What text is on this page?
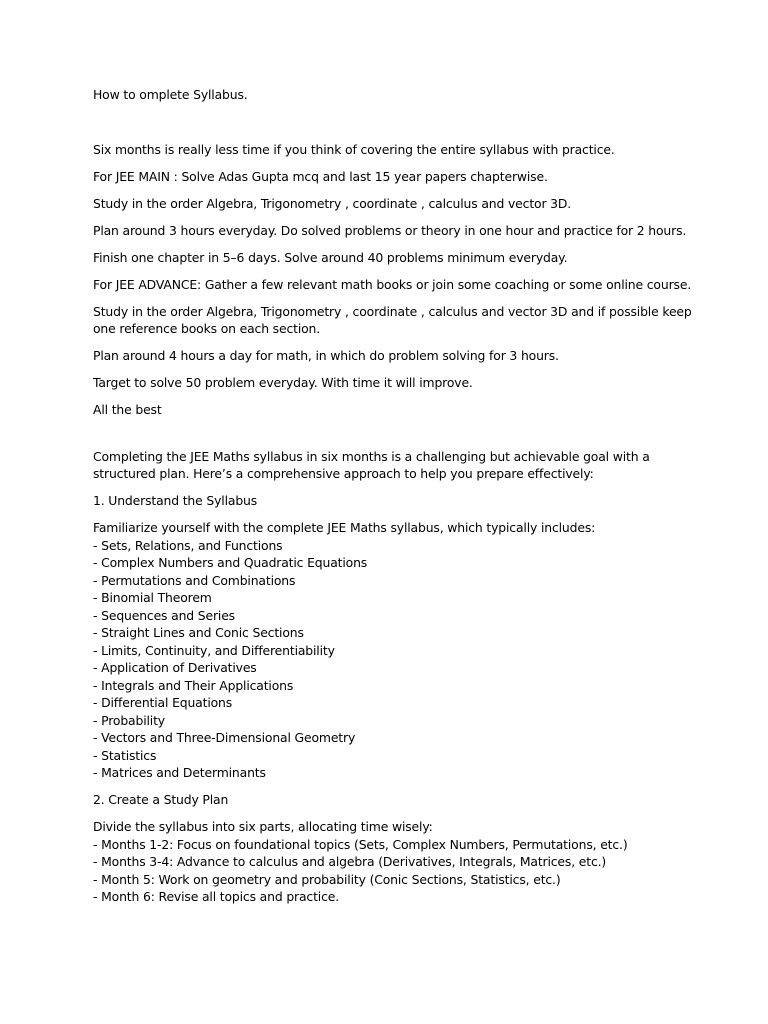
How to omplete Syllabus.

Six months is really less time if you think of covering the entire syllabus with practice.

For JEE MAIN : Solve Adas Gupta mcq and last 15 year papers chapterwise.

Study in the order Algebra, Trigonometry , coordinate , calculus and vector 3D.

Plan around 3 hours everyday. Do solved problems or theory in one hour and practice for 2 hours.

Finish one chapter in 5–6 days. Solve around 40 problems minimum everyday.

For JEE ADVANCE: Gather a few relevant math books or join some coaching or some online course.

Study in the order Algebra, Trigonometry , coordinate , calculus and vector 3D and if possible keep one reference books on each section.

Plan around 4 hours a day for math, in which do problem solving for 3 hours.

Target to solve 50 problem everyday. With time it will improve.

All the best

Completing the JEE Maths syllabus in six months is a challenging but achievable goal with a structured plan. Here’s a comprehensive approach to help you prepare effectively:

1. Understand the Syllabus

Familiarize yourself with the complete JEE Maths syllabus, which typically includes:

- Sets, Relations, and Functions
- Complex Numbers and Quadratic Equations
- Permutations and Combinations
- Binomial Theorem
- Sequences and Series
- Straight Lines and Conic Sections
- Limits, Continuity, and Differentiability
- Application of Derivatives
- Integrals and Their Applications
- Differential Equations
- Probability
- Vectors and Three-Dimensional Geometry
- Statistics
- Matrices and Determinants

2. Create a Study Plan

Divide the syllabus into six parts, allocating time wisely:

- Months 1-2: Focus on foundational topics (Sets, Complex Numbers, Permutations, etc.)
- Months 3-4: Advance to calculus and algebra (Derivatives, Integrals, Matrices, etc.)
- Month 5: Work on geometry and probability (Conic Sections, Statistics, etc.)
- Month 6: Revise all topics and practice.
